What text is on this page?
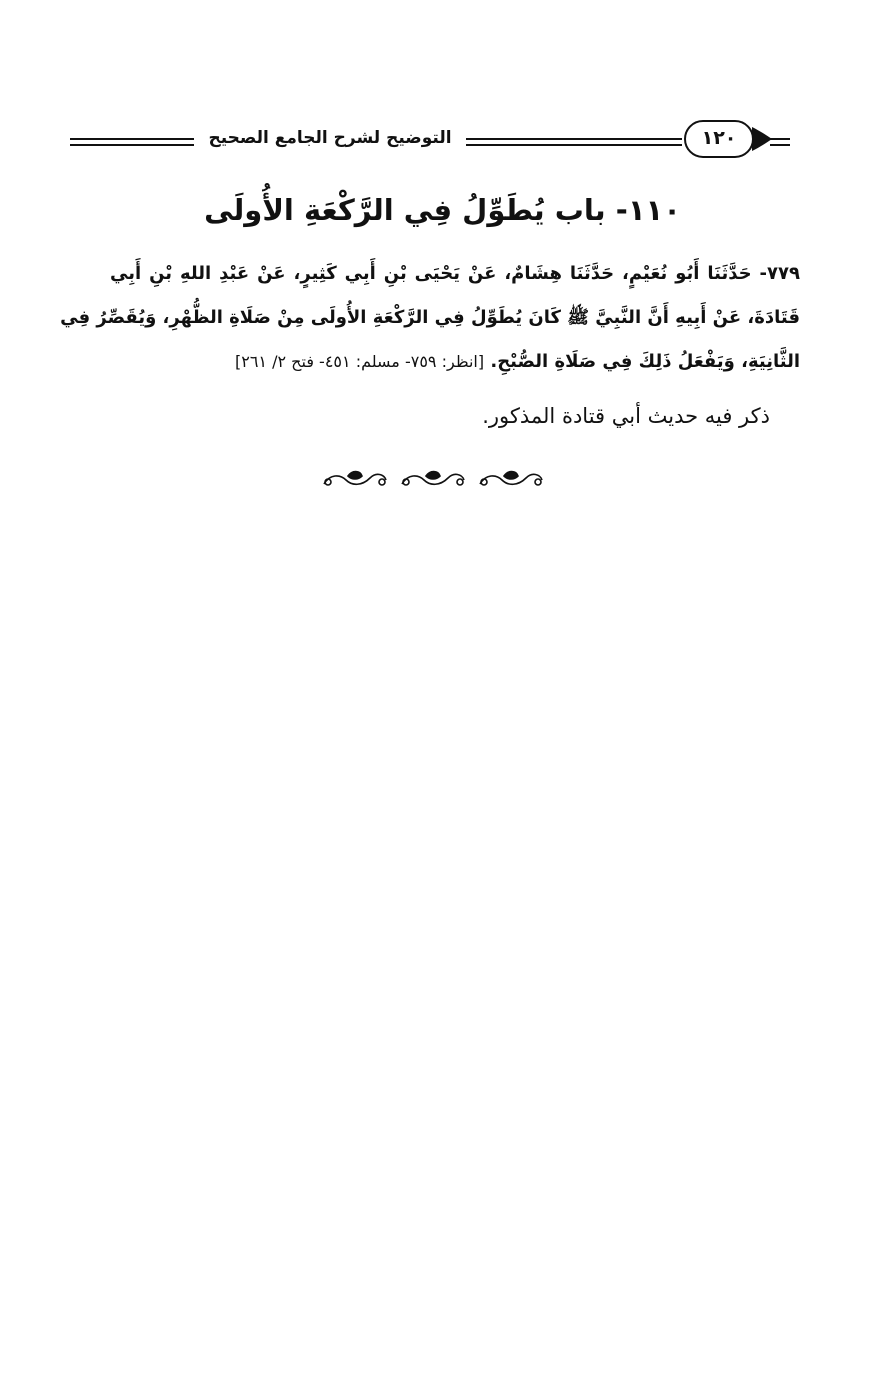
التوضيح لشرح الجامع الصحيح	١٢٠
١١٠- باب يُطَوِّلُ فِي الرَّكْعَةِ الأُولَى
٧٧٩- حَدَّثَنَا أَبُو نُعَيْمٍ، حَدَّثَنَا هِشَامٌ، عَنْ يَحْيَى بْنِ أَبِي كَثِيرٍ، عَنْ عَبْدِ اللهِ بْنِ أَبِي
قَتَادَةَ، عَنْ أَبِيهِ أَنَّ النَّبِيَّ ﷺ كَانَ يُطَوِّلُ فِي الرَّكْعَةِ الأُولَى مِنْ صَلَاةِ الظُّهْرِ، وَيُقَصِّرُ فِي
الثَّانِيَةِ، وَيَفْعَلُ ذَلِكَ فِي صَلَاةِ الصُّبْحِ. [انظر: ٧٥٩- مسلم: ٤٥١- فتح ٢/ ٢٦١]
ذكر فيه حديث أبي قتادة المذكور.
